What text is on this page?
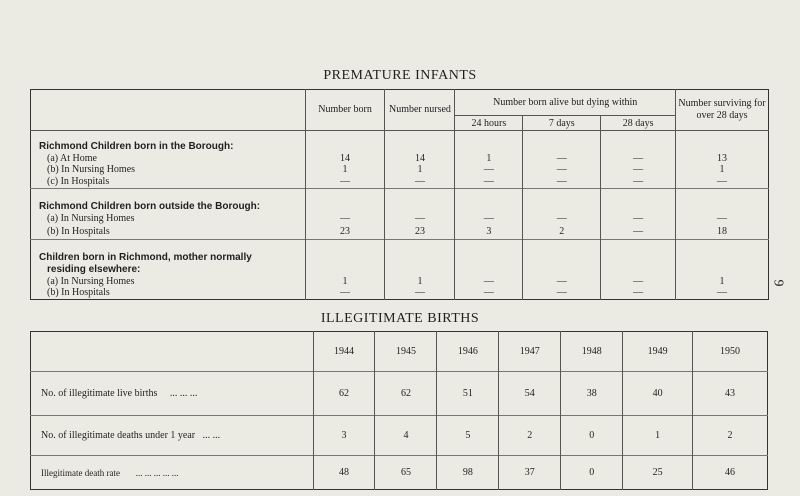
PREMATURE INFANTS
	Number born	Number nursed	Number born alive but dying within			Number surviving for over 28 days
			24 hours	7 days	28 days	

Richmond Children born in the Borough:						
(a) At Home	14	14	1	—	—	13
(b) In Nursing Homes	1	1	—	—	—	1
(c) In Hospitals	—	—	—	—	—	—

Richmond Children born outside the Borough:						
(a) In Nursing Homes	—	—	—	—	—	—
(b) In Hospitals	23	23	3	2	—	18

Children born in Richmond, mother normally						
residing elsewhere:						
(a) In Nursing Homes	1	1	—	—	—	1
(b) In Hospitals	—	—	—	—	—	—
9
ILLEGITIMATE BIRTHS
	1944	1945	1946	1947	1948	1949	1950
No. of illegitimate live births ... ... ...	62	62	51	54	38	40	43
No. of illegitimate deaths under 1 year ... ...	3	4	5	2	0	1	2
Illegitimate death rate ... ... ... ... ...	48	65	98	37	0	25	46
